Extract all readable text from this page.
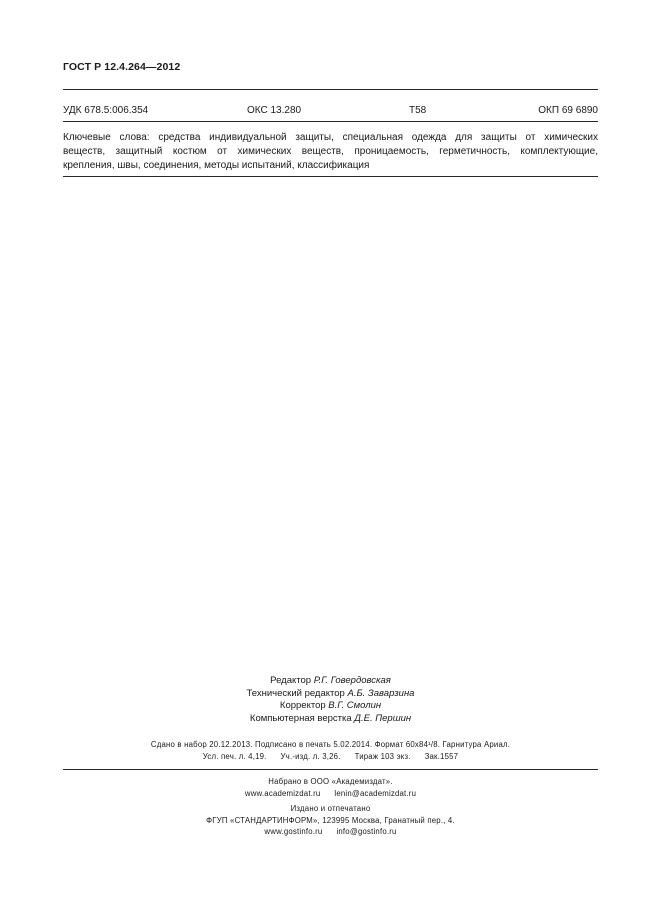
ГОСТ Р 12.4.264—2012
УДК 678.5:006.354	ОКС 13.280	Т58	ОКП 69 6890
Ключевые слова: средства индивидуальной защиты, специальная одежда для защиты от химических
веществ, защитный костюм от химических веществ, проницаемость, герметичность, комплектующие,
крепления, швы, соединения, методы испытаний, классификация
Редактор Р.Г. Говердовская
Технический редактор А.Б. Заварзина
Корректор В.Г. Смолин
Компьютерная верстка Д.Е. Першин
Сдано в набор 20.12.2013. Подписано в печать 5.02.2014. Формат 60х84¹/8. Гарнитура Ариал.
Усл. печ. л. 4,19. Уч.-изд. л. 3,26. Тираж 103 экз. Зак.1557
Набрано в ООО «Академиздат».
www.academizdat.ru lenin@academizdat.ru
Издано и отпечатано
ФГУП «СТАНДАРТИНФОРМ», 123995 Москва, Гранатный пер., 4.
www.gostinfo.ru info@gostinfo.ru
